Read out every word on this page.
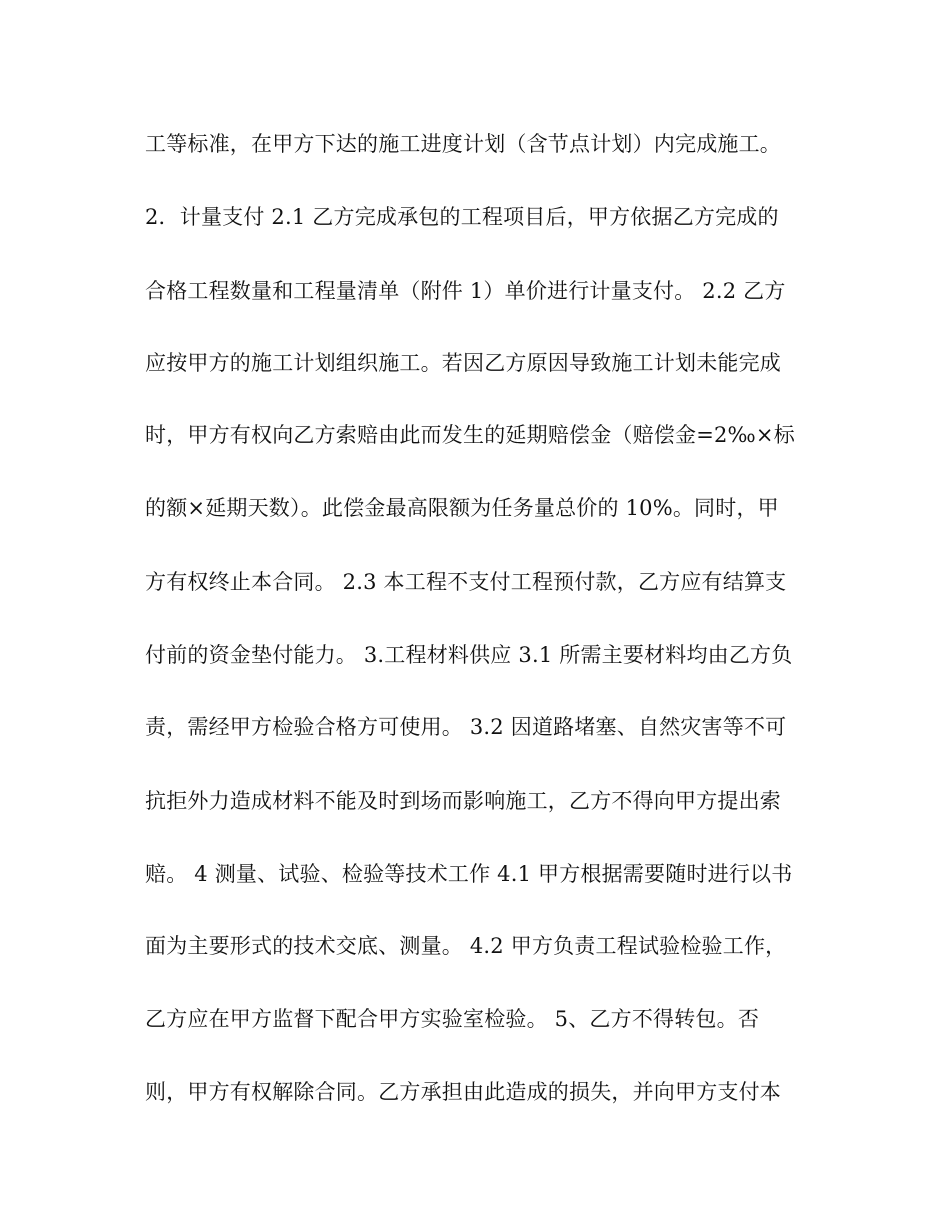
工等标准，在甲方下达的施工进度计划（含节点计划）内完成施工。
2．计量支付 2.1 乙方完成承包的工程项目后，甲方依据乙方完成的
合格工程数量和工程量清单（附件 1）单价进行计量支付。 2.2 乙方
应按甲方的施工计划组织施工。若因乙方原因导致施工计划未能完成
时，甲方有权向乙方索赔由此而发生的延期赔偿金（赔偿金=2‰×标
的额×延期天数）。此偿金最高限额为任务量总价的 10%。同时，甲
方有权终止本合同。 2.3 本工程不支付工程预付款，乙方应有结算支
付前的资金垫付能力。 3.工程材料供应 3.1 所需主要材料均由乙方负
责，需经甲方检验合格方可使用。 3.2 因道路堵塞、自然灾害等不可
抗拒外力造成材料不能及时到场而影响施工，乙方不得向甲方提出索
赔。 4 测量、试验、检验等技术工作 4.1 甲方根据需要随时进行以书
面为主要形式的技术交底、测量。 4.2 甲方负责工程试验检验工作，
乙方应在甲方监督下配合甲方实验室检验。 5、乙方不得转包。否
则，甲方有权解除合同。乙方承担由此造成的损失，并向甲方支付本
